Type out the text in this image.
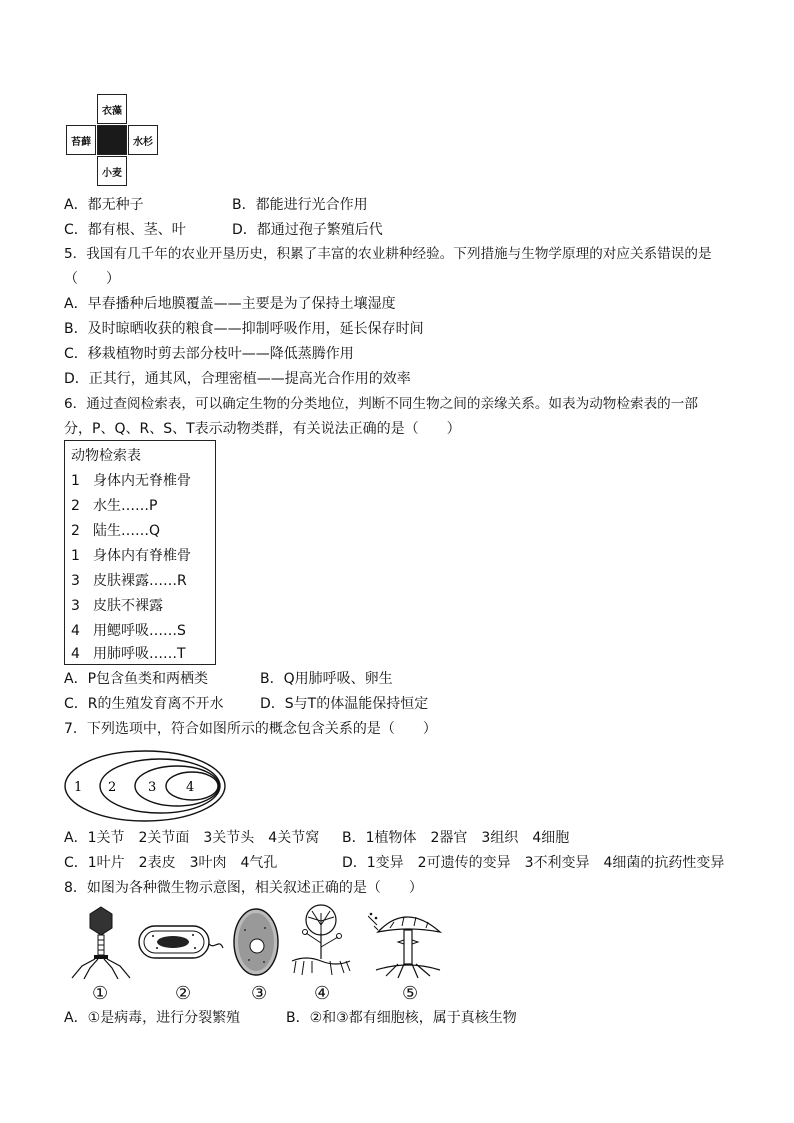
衣藻
苔藓	水杉
小麦
A．都无种子	B．都能进行光合作用
C．都有根、茎、叶	D．都通过孢子繁殖后代
5．我国有几千年的农业开垦历史，积累了丰富的农业耕种经验。下列措施与生物学原理的对应关系错误的是
（　　）
A．早春播种后地膜覆盖——主要是为了保持土壤湿度
B．及时晾晒收获的粮食——抑制呼吸作用，延长保存时间
C．移栽植物时剪去部分枝叶——降低蒸腾作用
D．正其行，通其风，合理密植——提高光合作用的效率
6．通过查阅检索表，可以确定生物的分类地位，判断不同生物之间的亲缘关系。如表为动物检索表的一部
分，P、Q、R、S、T表示动物类群，有关说法正确的是（　　）
动物检索表
1 身体内无脊椎骨
2 水生……P
2 陆生……Q
1 身体内有脊椎骨
3 皮肤裸露……R
3 皮肤不裸露
4 用鳃呼吸……S
4 用肺呼吸……T
A．P包含鱼类和两栖类	B．Q用肺呼吸、卵生
C．R的生殖发育离不开水	D．S与T的体温能保持恒定
7．下列选项中，符合如图所示的概念包含关系的是（　　）
1 2 3 4
A．1关节　2关节面　3关节头　4关节窝 B．1植物体　2器官　3组织　4细胞
C．1叶片　2表皮　3叶肉　4气孔	D．1变异　2可遗传的变异　3不利变异　4细菌的抗药性变异
8．如图为各种微生物示意图，相关叙述正确的是（　　）
①	②	③	④	⑤
A．①是病毒，进行分裂繁殖	B．②和③都有细胞核，属于真核生物
